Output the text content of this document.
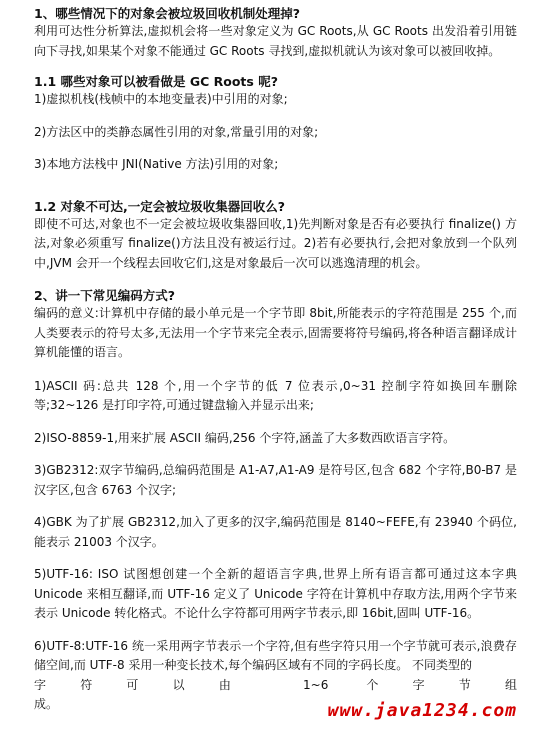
1、哪些情况下的对象会被垃圾回收机制处理掉?
利用可达性分析算法,虚拟机会将一些对象定义为 GC Roots,从 GC Roots 出发沿着引用链向下寻找,如果某个对象不能通过 GC Roots 寻找到,虚拟机就认为该对象可以被回收掉。
1.1 哪些对象可以被看做是 GC Roots 呢?
1)虚拟机栈(栈帧中的本地变量表)中引用的对象;
2)方法区中的类静态属性引用的对象,常量引用的对象;
3)本地方法栈中 JNI(Native 方法)引用的对象;
1.2 对象不可达,一定会被垃圾收集器回收么?
即使不可达,对象也不一定会被垃圾收集器回收,1)先判断对象是否有必要执行 finalize() 方法,对象必须重写 finalize()方法且没有被运行过。2)若有必要执行,会把对象放到一个队列中,JVM 会开一个线程去回收它们,这是对象最后一次可以逃逸清理的机会。
2、讲一下常见编码方式?
编码的意义:计算机中存储的最小单元是一个字节即 8bit,所能表示的字符范围是 255 个,而人类要表示的符号太多,无法用一个字节来完全表示,固需要将符号编码,将各种语言翻译成计算机能懂的语言。
1)ASCII 码:总共 128 个,用一个字节的低 7 位表示,0~31 控制字符如换回车删除等;32~126 是打印字符,可通过键盘输入并显示出来;
2)ISO-8859-1,用来扩展 ASCII 编码,256 个字符,涵盖了大多数西欧语言字符。
3)GB2312:双字节编码,总编码范围是 A1-A7,A1-A9 是符号区,包含 682 个字符,B0-B7 是汉字区,包含 6763 个汉字;
4)GBK 为了扩展 GB2312,加入了更多的汉字,编码范围是 8140~FEFE,有 23940 个码位,能表示 21003 个汉字。
5)UTF-16: ISO 试图想创建一个全新的超语言字典,世界上所有语言都可通过这本字典 Unicode 来相互翻译,而 UTF-16 定义了 Unicode 字符在计算机中存取方法,用两个字节来表示 Unicode 转化格式。不论什么字符都可用两字节表示,即 16bit,固叫 UTF-16。
6)UTF-8:UTF-16 统一采用两字节表示一个字符,但有些字符只用一个字节就可表示,浪费存储空间,而 UTF-8 采用一种变长技术,每个编码区域有不同的字码长度。 不同类型的
字符可以由 1~6 个字节组
成。	www.java1234.com
